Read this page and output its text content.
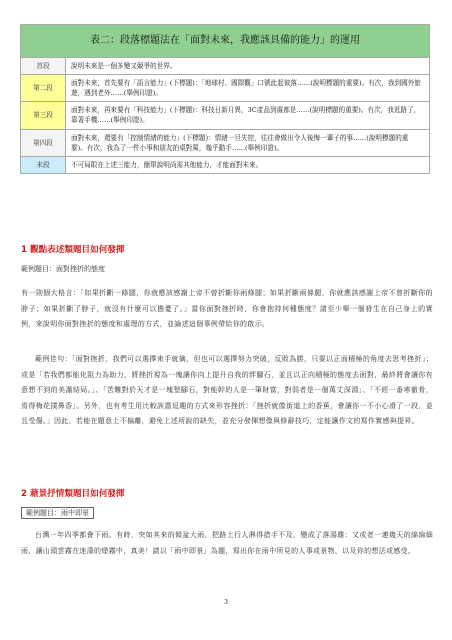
表二：段落標題法在「面對未來，我應該具備的能力」的運用	
首段	說明未來是一個多變又競爭的世界。
第二段	面對未來，首先要有「語言能力」(下標題)：「地球村、國際觀」口號此起彼落……(說明標題的重要)。有次，我到國外旅遊，遇到老外……(舉例印證)。
第三段	面對未來，再來要有「科技能力」(下標題)：科技日新月異，3C產品到處都是……(說明標題的重要)。有次，我逛路了，靠著手機……(舉例印證)。
第四段	面對未來，還要有「控制情緒的能力」(下標題)：情緒一旦失控，往往會做出令人後悔一輩子的事……(說明標題的重要)。有次，我為了一件小事和朋友拍桌對罵，幾乎動手……(舉例印證)。
末段	不可局限在上述三能力，簡單說明尚需其他能力，才能面對未來。
1 觀點表述類題目如何發揮
範例題目：面對挫折的態度

有一則個大格言：「如果折斷一條腿，你就應該感謝上帝不曾折斷你兩條腿；如果折斷兩條腿，你就應該感謝上帝不曾折斷你的脖子；如果折斷了脖子，就沒有什麼可以擔憂了。」當你面對挫折時，你會抱持何種態度？請至少舉一個發生在自己身上的實例，來說明你面對挫折的態度和處理的方式，並論述這個事例帶給你的啟示。

範例佳句：「面對挫折，我們可以選擇束手就擒，但也可以選擇努力突破，反敗為勝，只要以正面積極的角度去思考挫折」；或是「若我們都能化阻力為助力，將挫折視為一塊讓你向上提升自我的絆腳石，並且以正向積極的態度去面對，最終將會讓你有意想不到的美滿結局。」、「苦難對於天才是一塊墊腳石，對能幹的人是一筆財富，對弱者是一個萬丈深淵」、「不經一番寒徹骨，焉得梅花撲鼻香」。另外，也有考生用比較詼諧逗趣的方式來形容挫折：「挫折就像街道上的香蕉，會讓你一不小心滑了一段，並且受傷。」因此，若能在題意上不偏離，避免上述所說的缺失，並充分發揮想像與修辭技巧，定能讓作文的寫作實感與提昇。

2 藉景抒情類題目如何發揮
範例題目：雨中即景

台灣一年四季都會下雨。有時，突如其來的傾盆大雨，把路上行人淋得措手不及，變成了落湯雞：又或者一連幾天的綿綿細雨，讓山頭雲霧在迷濛的煙霧中，真美！請以「雨中即景」為題，寫出你在雨中所見的人事或景物，以及你的想法或感受。

3
